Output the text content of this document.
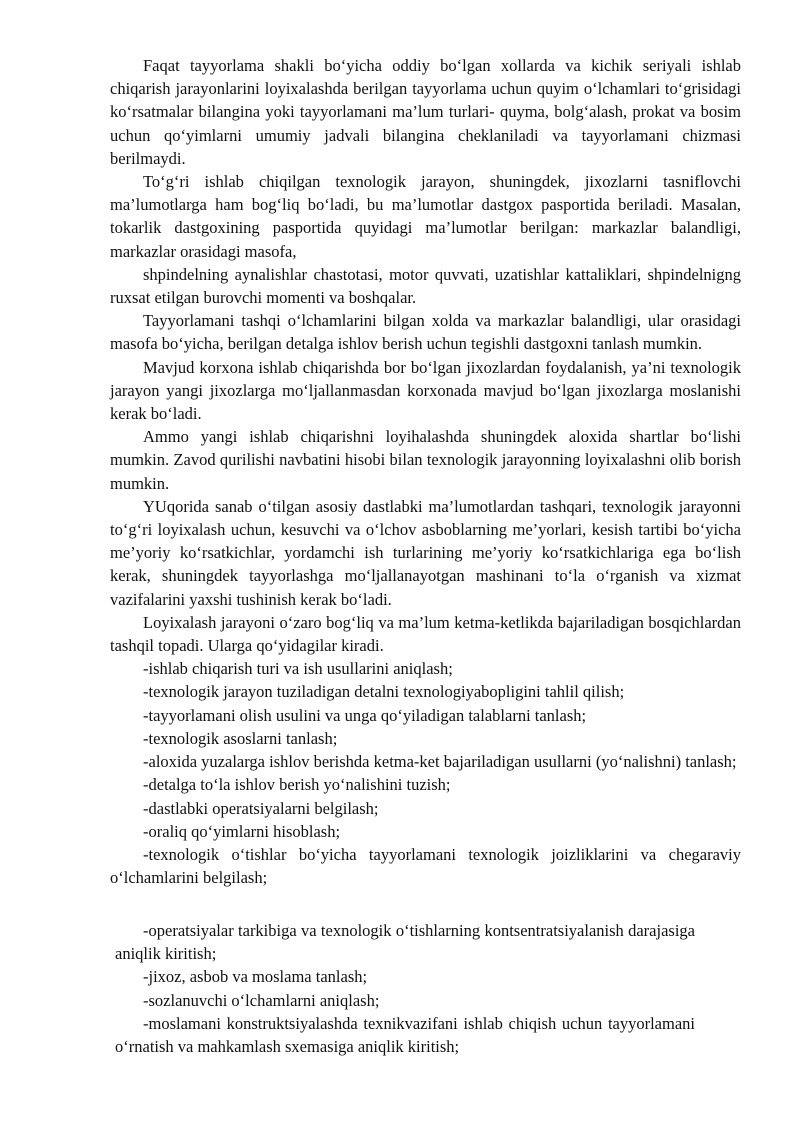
Faqat tayyorlama shakli bo‘yicha oddiy bo‘lgan xollarda va kichik seriyali ishlab chiqarish jarayonlarini loyixalashda berilgan tayyorlama uchun quyim o‘lchamlari to‘grisidagi ko‘rsatmalar bilangina yoki tayyorlamani ma’lum turlari- quyma, bolg‘alash, prokat va bosim uchun qo‘yimlarni umumiy jadvali bilangina cheklaniladi va tayyorlamani chizmasi berilmaydi.

To‘g‘ri ishlab chiqilgan texnologik jarayon, shuningdek, jixozlarni tasniflovchi ma’lumotlarga ham bog‘liq bo‘ladi, bu ma’lumotlar dastgox pasportida beriladi. Masalan, tokarlik dastgoxining pasportida quyidagi ma’lumotlar berilgan: markazlar balandligi, markazlar orasidagi masofa,

shpindelning aynalishlar chastotasi, motor quvvati, uzatishlar kattaliklari, shpindelnigng ruxsat etilgan burovchi momenti va boshqalar.

Tayyorlamani tashqi o‘lchamlarini bilgan xolda va markazlar balandligi, ular orasidagi masofa bo‘yicha, berilgan detalga ishlov berish uchun tegishli dastgoxni tanlash mumkin.

Mavjud korxona ishlab chiqarishda bor bo‘lgan jixozlardan foydalanish, ya’ni texnologik jarayon yangi jixozlarga mo‘ljallanmasdan korxonada mavjud bo‘lgan jixozlarga moslanishi kerak bo‘ladi.

Ammo yangi ishlab chiqarishni loyihalashda shuningdek aloxida shartlar bo‘lishi mumkin. Zavod qurilishi navbatini hisobi bilan texnologik jarayonning loyixalashni olib borish mumkin.

YUqorida sanab o‘tilgan asosiy dastlabki ma’lumotlardan tashqari, texnologik jarayonni to‘g‘ri loyixalash uchun, kesuvchi va o‘lchov asboblarning me’yorlari, kesish tartibi bo‘yicha me’yoriy ko‘rsatkichlar, yordamchi ish turlarining me’yoriy ko‘rsatkichlariga ega bo‘lish kerak, shuningdek tayyorlashga mo‘ljallanayotgan mashinani to‘la o‘rganish va xizmat vazifalarini yaxshi tushinish kerak bo‘ladi.

Loyixalash jarayoni o‘zaro bog‘liq va ma’lum ketma-ketlikda bajariladigan bosqichlardan tashqil topadi. Ularga qo‘yidagilar kiradi.

-ishlab chiqarish turi va ish usullarini aniqlash;

-texnologik jarayon tuziladigan detalni texnologiyabopligini tahlil qilish;

-tayyorlamani olish usulini va unga qo‘yiladigan talablarni tanlash;

-texnologik asoslarni tanlash;

-aloxida yuzalarga ishlov berishda ketma-ket bajariladigan usullarni (yo‘nalishni) tanlash;

-detalga to‘la ishlov berish yo‘nalishini tuzish;

-dastlabki operatsiyalarni belgilash;

-oraliq qo‘yimlarni hisoblash;

-texnologik o‘tishlar bo‘yicha tayyorlamani texnologik joizliklarini va chegaraviy o‘lchamlarini belgilash;

-operatsiyalar tarkibiga va texnologik o‘tishlarning kontsentratsiyalanish darajasiga aniqlik kiritish;

-jixoz, asbob va moslama tanlash;

-sozlanuvchi o‘lchamlarni aniqlash;

-moslamani konstruktsiyalashda texnikvazifani ishlab chiqish uchun tayyorlamani o‘rnatish va mahkamlash sxemasiga aniqlik kiritish;
